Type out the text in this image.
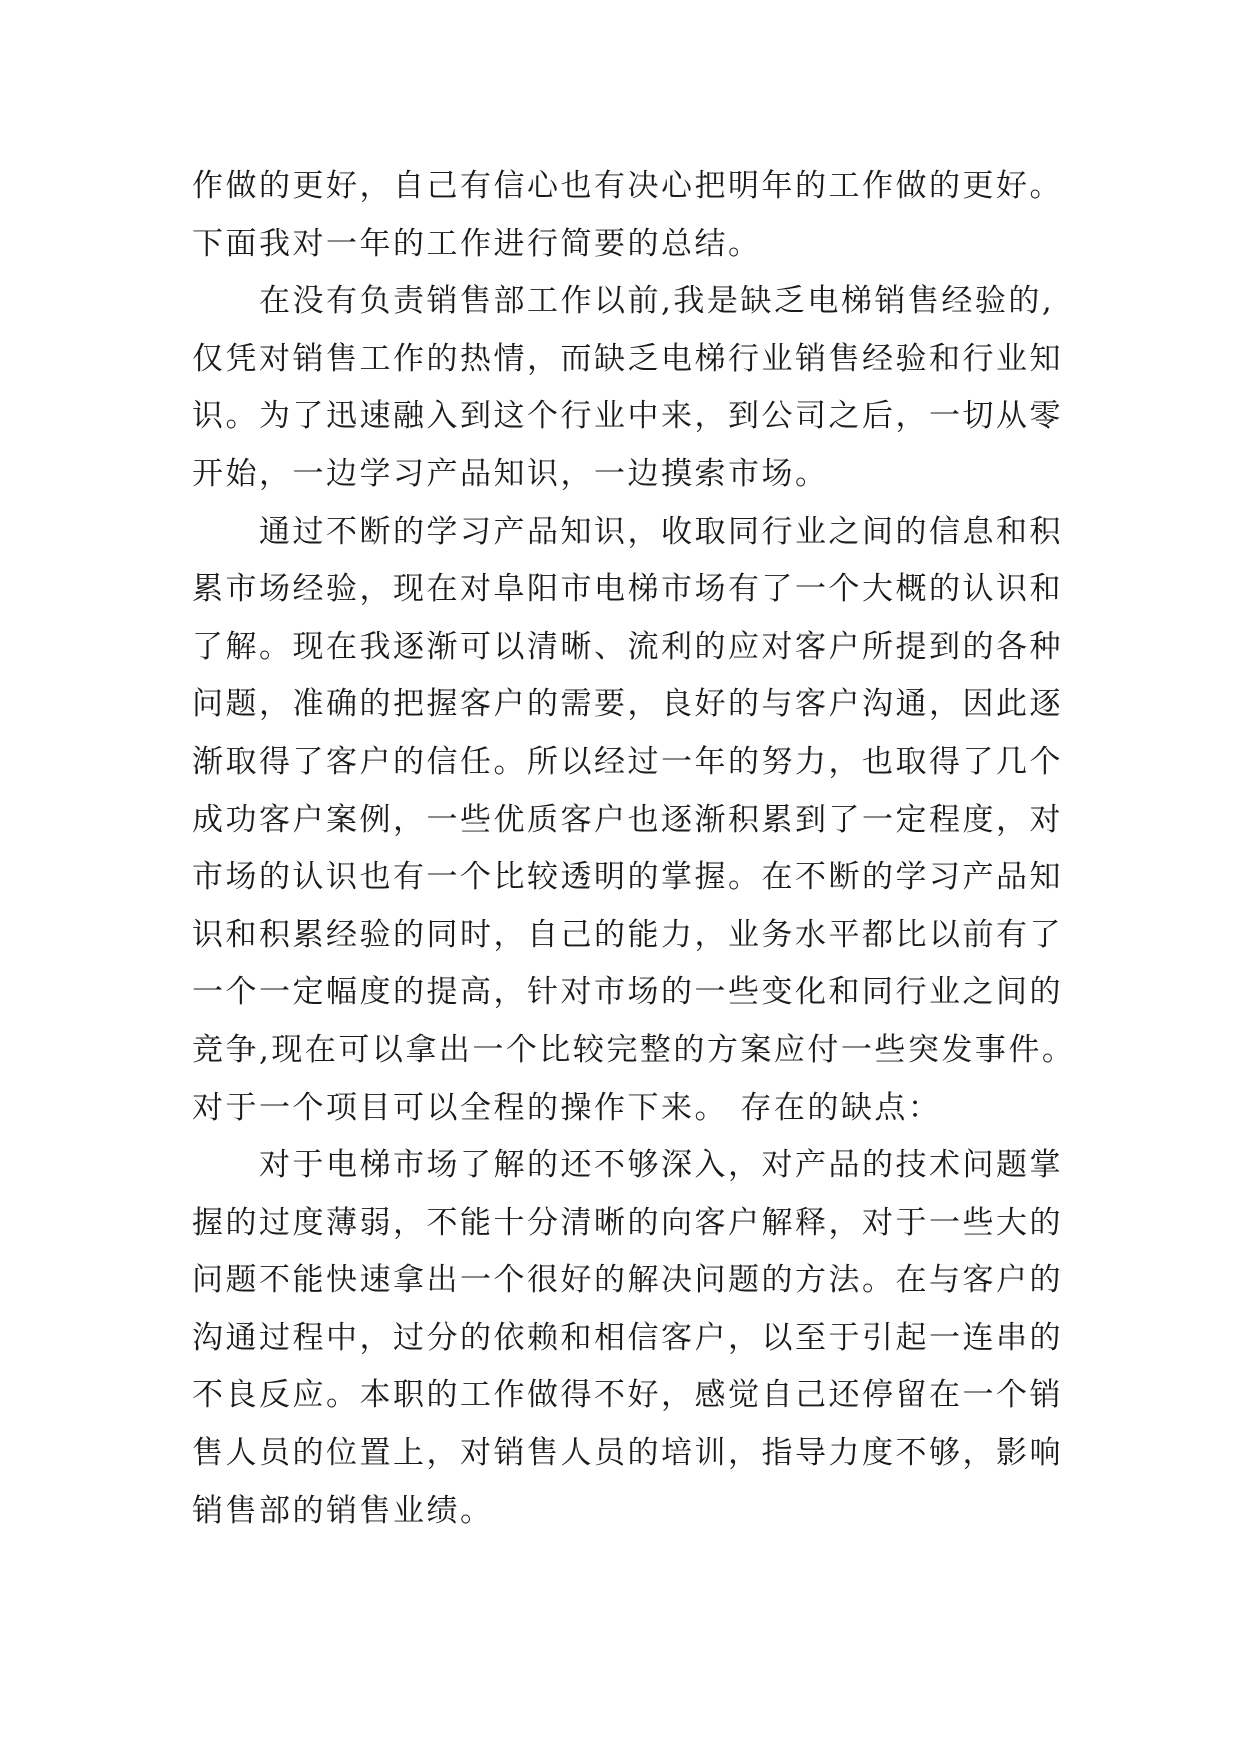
作做的更好，自己有信心也有决心把明年的工作做的更好。
下面我对一年的工作进行简要的总结。
　　在没有负责销售部工作以前,我是缺乏电梯销售经验的,
仅凭对销售工作的热情，而缺乏电梯行业销售经验和行业知
识。为了迅速融入到这个行业中来，到公司之后，一切从零
开始，一边学习产品知识，一边摸索市场。
　　通过不断的学习产品知识，收取同行业之间的信息和积
累市场经验，现在对阜阳市电梯市场有了一个大概的认识和
了解。现在我逐渐可以清晰、流利的应对客户所提到的各种
问题，准确的把握客户的需要，良好的与客户沟通，因此逐
渐取得了客户的信任。所以经过一年的努力，也取得了几个
成功客户案例，一些优质客户也逐渐积累到了一定程度，对
市场的认识也有一个比较透明的掌握。在不断的学习产品知
识和积累经验的同时，自己的能力，业务水平都比以前有了
一个一定幅度的提高，针对市场的一些变化和同行业之间的
竞争,现在可以拿出一个比较完整的方案应付一些突发事件。
对于一个项目可以全程的操作下来。 存在的缺点：
　　对于电梯市场了解的还不够深入，对产品的技术问题掌
握的过度薄弱，不能十分清晰的向客户解释，对于一些大的
问题不能快速拿出一个很好的解决问题的方法。在与客户的
沟通过程中，过分的依赖和相信客户，以至于引起一连串的
不良反应。本职的工作做得不好，感觉自己还停留在一个销
售人员的位置上，对销售人员的培训，指导力度不够，影响
销售部的销售业绩。
